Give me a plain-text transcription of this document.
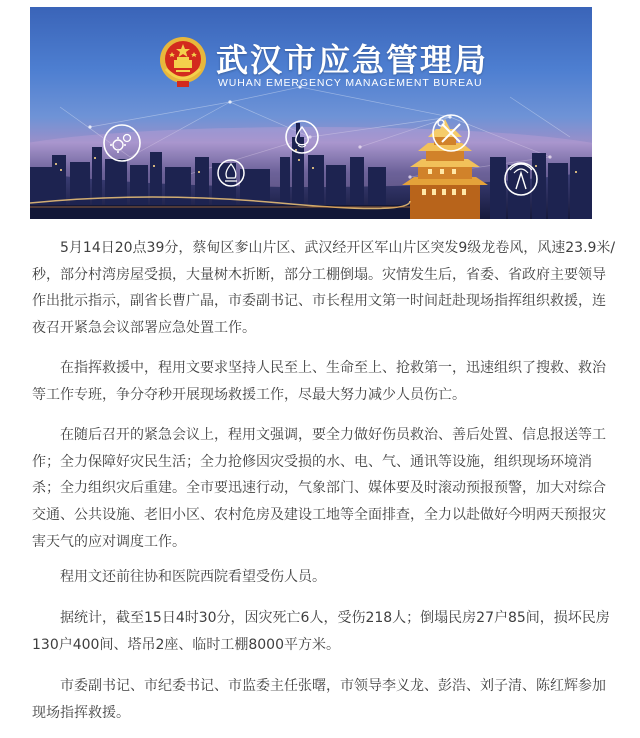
武汉市应急管理局
WUHAN EMERGENCY MANAGEMENT BUREAU

5月14日20点39分，蔡甸区奓山片区、武汉经开区军山片区突发9级龙卷风，风速23.9米/
秒，部分村湾房屋受损，大量树木折断，部分工棚倒塌。灾情发生后，省委、省政府主要领导
作出批示指示，副省长曹广晶，市委副书记、市长程用文第一时间赶赴现场指挥组织救援，连
夜召开紧急会议部署应急处置工作。

在指挥救援中，程用文要求坚持人民至上、生命至上、抢救第一，迅速组织了搜救、救治
等工作专班，争分夺秒开展现场救援工作，尽最大努力减少人员伤亡。

在随后召开的紧急会议上，程用文强调，要全力做好伤员救治、善后处置、信息报送等工
作；全力保障好灾民生活；全力抢修因灾受损的水、电、气、通讯等设施，组织现场环境消
杀；全力组织灾后重建。全市要迅速行动，气象部门、媒体要及时滚动预报预警，加大对综合
交通、公共设施、老旧小区、农村危房及建设工地等全面排查，全力以赴做好今明两天预报灾
害天气的应对调度工作。

程用文还前往协和医院西院看望受伤人员。

据统计，截至15日4时30分，因灾死亡6人，受伤218人；倒塌民房27户85间，损坏民房
130户400间、塔吊2座、临时工棚8000平方米。

市委副书记、市纪委书记、市监委主任张曙，市领导李义龙、彭浩、刘子清、陈红辉参加
现场指挥救援。
